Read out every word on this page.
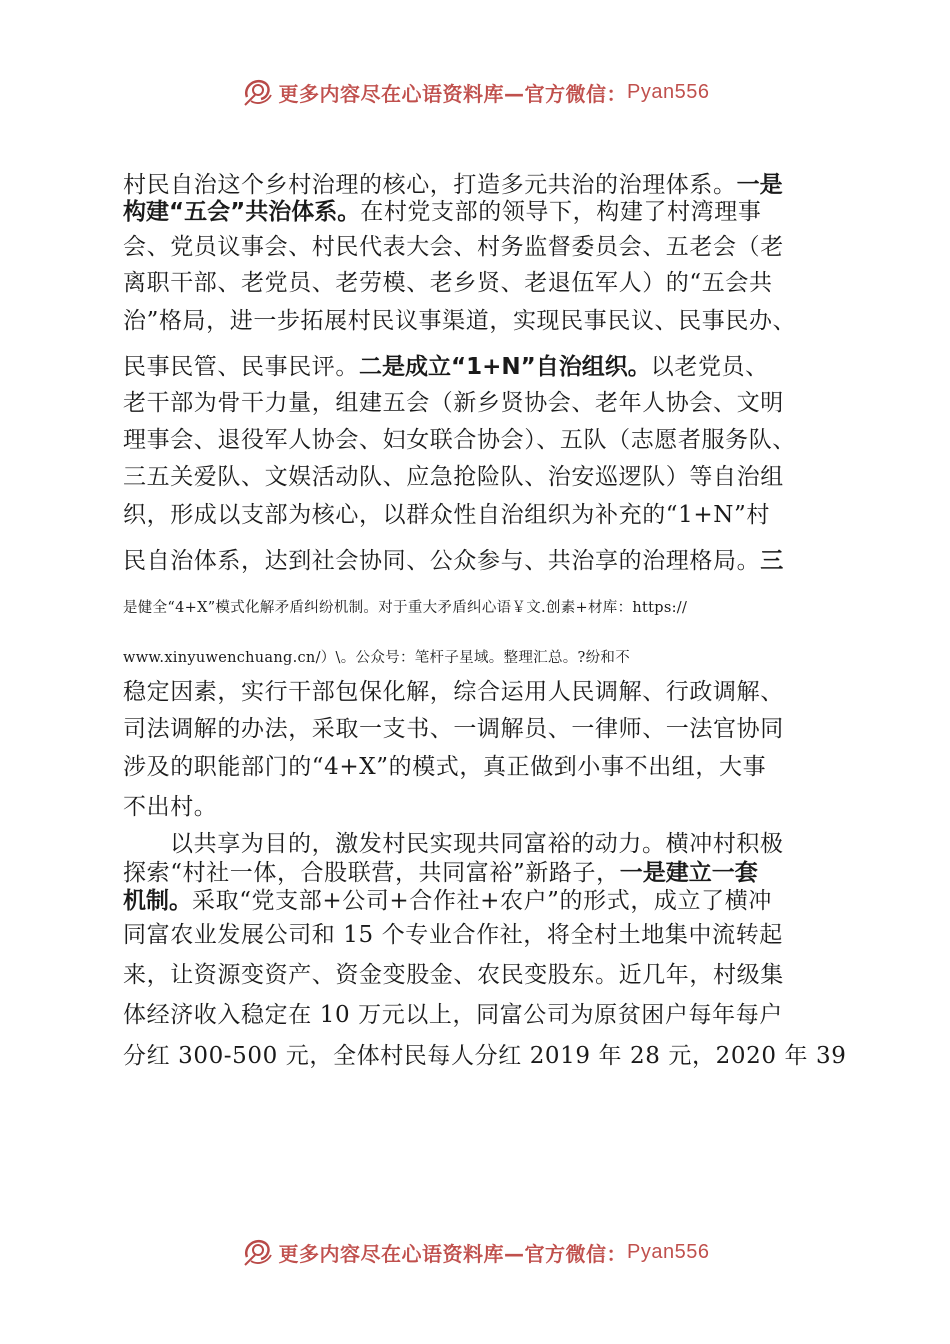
更多内容尽在心语资料库—官方微信： Pyan556
村民自治这个乡村治理的核心，打造多元共治的治理体系。一是
构建“五会”共治体系。在村党支部的领导下，构建了村湾理事
会、党员议事会、村民代表大会、村务监督委员会、五老会（老
离职干部、老党员、老劳模、老乡贤、老退伍军人）的“五会共
治”格局，进一步拓展村民议事渠道，实现民事民议、民事民办、
民事民管、民事民评。二是成立“1+N”自治组织。以老党员、
老干部为骨干力量，组建五会（新乡贤协会、老年人协会、文明
理事会、退役军人协会、妇女联合协会）、五队（志愿者服务队、
三五关爱队、文娱活动队、应急抢险队、治安巡逻队）等自治组
织，形成以支部为核心，以群众性自治组织为补充的“1+N”村
民自治体系，达到社会协同、公众参与、共治享的治理格局。三
是健全“4+X”模式化解矛盾纠纷机制。对于重大矛盾纠心语￥文.创素+材库：https://
www.xinyuwenchuang.cn/）\。公众号：笔杆子星域。整理汇总。?纷和不
稳定因素，实行干部包保化解，综合运用人民调解、行政调解、
司法调解的办法，采取一支书、一调解员、一律师、一法官协同
涉及的职能部门的“4+X”的模式，真正做到小事不出组，大事
不出村。
以共享为目的，激发村民实现共同富裕的动力。横冲村积极
探索“村社一体，合股联营，共同富裕”新路子，一是建立一套
机制。采取“党支部+公司+合作社+农户”的形式，成立了横冲
同富农业发展公司和 15 个专业合作社，将全村土地集中流转起
来，让资源变资产、资金变股金、农民变股东。近几年，村级集
体经济收入稳定在 10 万元以上，同富公司为原贫困户每年每户
分红 300-500 元，全体村民每人分红 2019 年 28 元，2020 年 39
更多内容尽在心语资料库—官方微信： Pyan556
